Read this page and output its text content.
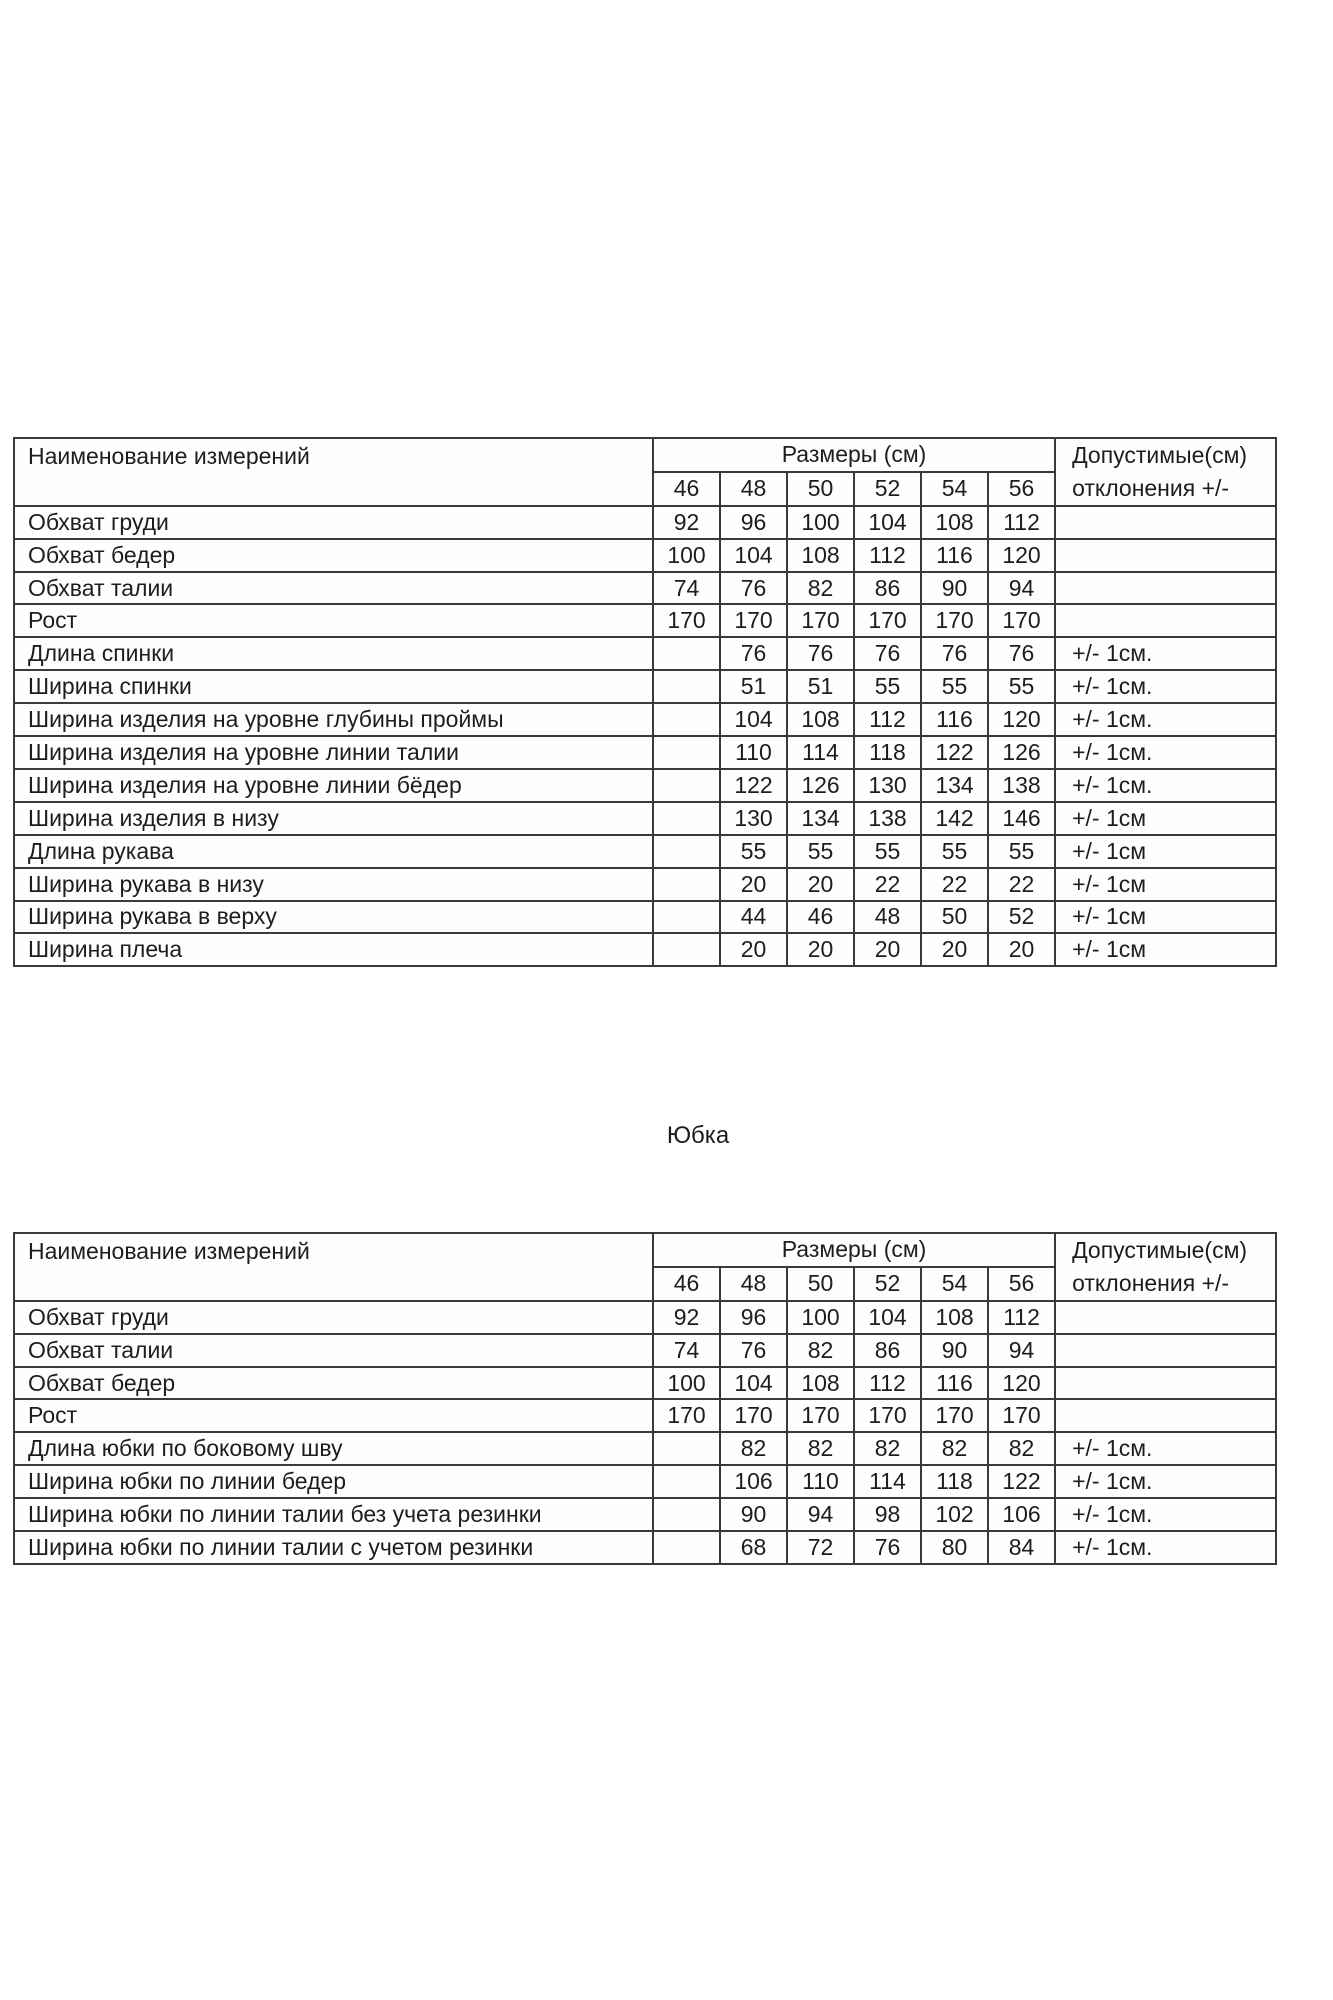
Наименование измерений	Размеры (см)						Допустимые(см)
отклонения +/-

	46	48	50	52	54	56	
Обхват груди	92	96	100	104	108	112	
Обхват бедер	100	104	108	112	116	120	
Обхват талии	74	76	82	86	90	94	
Рост	170	170	170	170	170	170	
Длина спинки		76	76	76	76	76	+/- 1см.
Ширина спинки		51	51	55	55	55	+/- 1см.
Ширина изделия на уровне глубины проймы		104	108	112	116	120	+/- 1см.
Ширина изделия на уровне линии талии		110	114	118	122	126	+/- 1см.
Ширина изделия на уровне линии бёдер		122	126	130	134	138	+/- 1см.
Ширина изделия в низу		130	134	138	142	146	+/- 1см
Длина рукава		55	55	55	55	55	+/- 1см
Ширина рукава в низу		20	20	22	22	22	+/- 1см
Ширина рукава в верху		44	46	48	50	52	+/- 1см
Ширина плеча		20	20	20	20	20	+/- 1см
Юбка
Наименование измерений	Размеры (см)						Допустимые(см)
отклонения +/-

	46	48	50	52	54	56	
Обхват груди	92	96	100	104	108	112	
Обхват талии	74	76	82	86	90	94	
Обхват бедер	100	104	108	112	116	120	
Рост	170	170	170	170	170	170	
Длина юбки по боковому шву		82	82	82	82	82	+/- 1см.
Ширина юбки по линии бедер		106	110	114	118	122	+/- 1см.
Ширина юбки по линии талии без учета резинки		90	94	98	102	106	+/- 1см.
Ширина юбки по линии талии с учетом резинки		68	72	76	80	84	+/- 1см.
